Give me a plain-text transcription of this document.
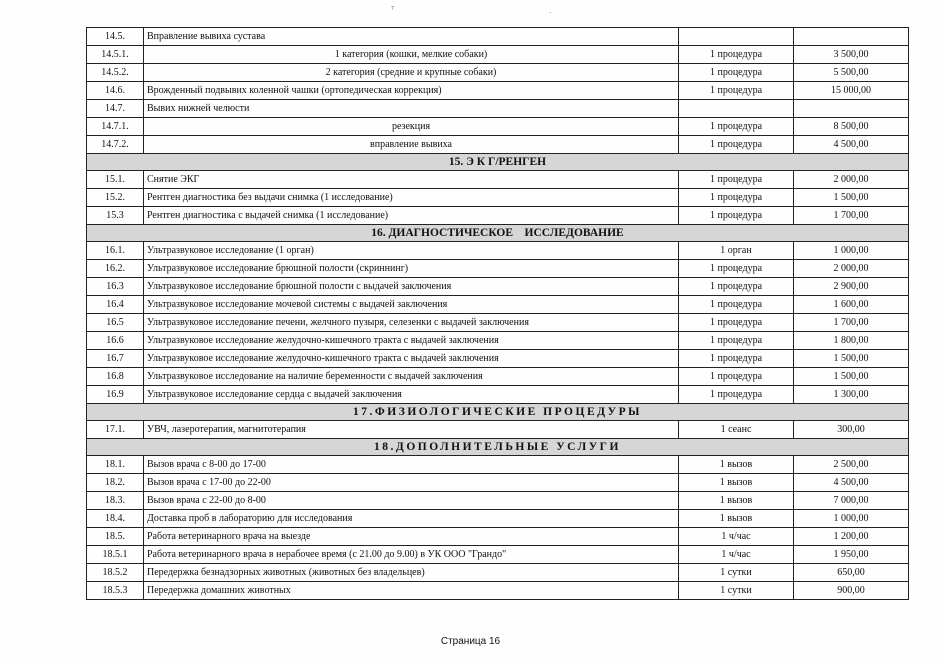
ᵀ
˙
14.5.	Вправление вывиха сустава		
14.5.1.	1 категория (кошки, мелкие собаки)	1 процедура	3 500,00
14.5.2.	2 категория (средние и крупные собаки)	1 процедура	5 500,00
14.6.	Врожденный подвывих коленной чашки (ортопедическая коррекция)	1 процедура	15 000,00
14.7.	Вывих нижней челюсти		
14.7.1.	резекция	1 процедура	8 500,00
14.7.2.	вправление вывиха	1 процедура	4 500,00
15. Э К Г/РЕНГЕН			
15.1.	Снятие ЭКГ	1 процедура	2 000,00
15.2.	Рентген диагностика без выдачи снимка (1 исследование)	1 процедура	1 500,00
15.3	Рентген диагностика с выдачей снимка (1 исследование)	1 процедура	1 700,00
16. ДИАГНОСТИЧЕСКОЕ    ИССЛЕДОВАНИЕ			
16.1.	Ультразвуковое исследование (1 орган)	1 орган	1 000,00
16.2.	Ультразвуковое исследование брюшной полости (скриннинг)	1 процедура	2 000,00
16.3	Ультразвуковое исследование брюшной полости с выдачей заключения	1 процедура	2 900,00
16.4	Ультразвуковое исследование мочевой системы с выдачей заключения	1 процедура	1 600,00
16.5	Ультразвуковое исследование печени, желчного пузыря, селезенки с выдачей заключения	1 процедура	1 700,00
16.6	Ультразвуковое исследование желудочно-кишечного тракта с выдачей заключения	1 процедура	1 800,00
16.7	Ультразвуковое исследование желудочно-кишечного тракта с выдачей заключения	1 процедура	1 500,00
16.8	Ультразвуковое исследование на наличие беременности с выдачей заключения	1 процедура	1 500,00
16.9	Ультразвуковое исследование сердца с выдачей заключения	1 процедура	1 300,00
17.ФИЗИОЛОГИЧЕСКИЕ ПРОЦЕДУРЫ			
17.1.	УВЧ, лазеротерапия, магнитотерапия	1 сеанс	300,00
18.ДОПОЛНИТЕЛЬНЫЕ УСЛУГИ			
18.1.	Вызов врача с 8-00 до 17-00	1 вызов	2 500,00
18.2.	Вызов врача с 17-00 до 22-00	1 вызов	4 500,00
18.3.	Вызов врача с 22-00 до 8-00	1 вызов	7 000,00
18.4.	Доставка проб в лабораторию для исследования	1 вызов	1 000,00
18.5.	Работа ветеринарного врача на выезде	1 ч/час	1 200,00
18.5.1	Работа ветеринарного врача в нерабочее время (с 21.00 до 9.00) в УК ООО "Грандо"	1 ч/час	1 950,00
18.5.2	Передержка безнадзорных животных (животных без владельцев)	1 сутки	650,00
18.5.3	Передержка домашних животных	1 сутки	900,00
Страница 16
